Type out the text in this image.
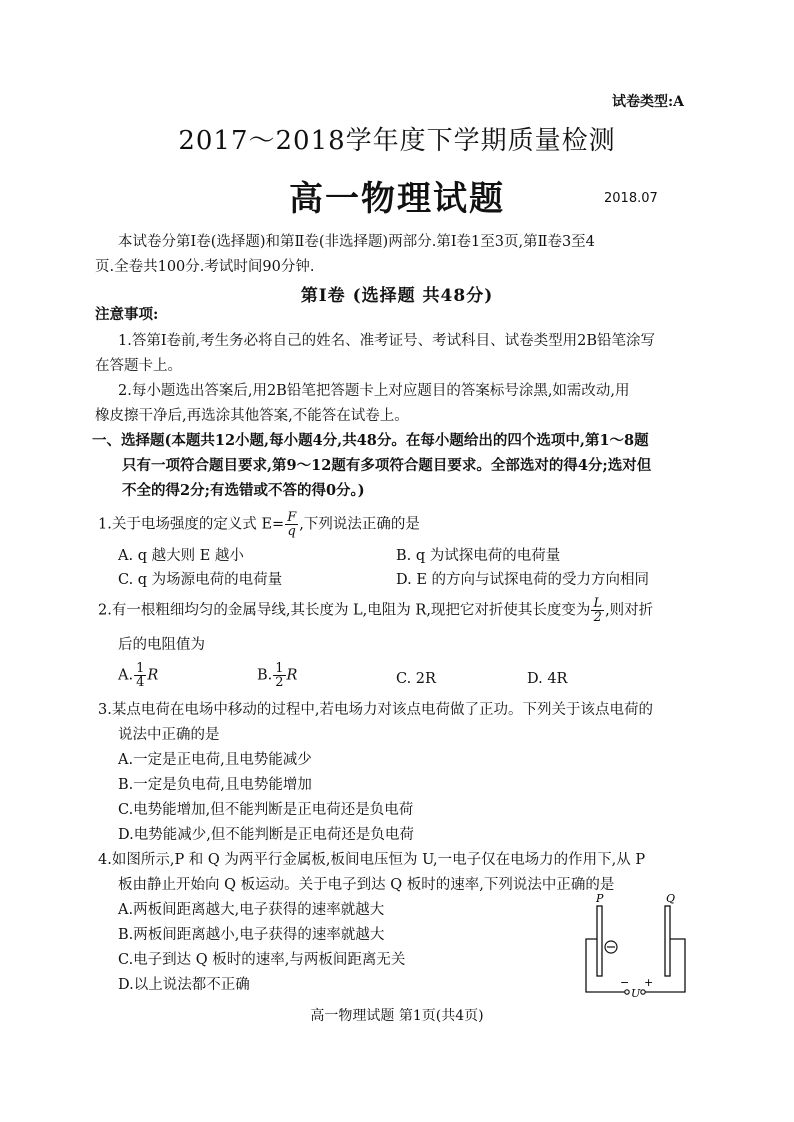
试卷类型:A
2017～2018学年度下学期质量检测
高一物理试题	2018.07
本试卷分第Ⅰ卷(选择题)和第Ⅱ卷(非选择题)两部分.第Ⅰ卷1至3页,第Ⅱ卷3至4
页.全卷共100分.考试时间90分钟.
第Ⅰ卷 (选择题 共48分)
注意事项:
1.答第Ⅰ卷前,考生务必将自己的姓名、准考证号、考试科目、试卷类型用2B铅笔涂写
在答题卡上。
2.每小题选出答案后,用2B铅笔把答题卡上对应题目的答案标号涂黑,如需改动,用
橡皮擦干净后,再选涂其他答案,不能答在试卷上。
一、选择题(本题共12小题,每小题4分,共48分。在每小题给出的四个选项中,第1～8题
只有一项符合题目要求,第9～12题有多项符合题目要求。全部选对的得4分;选对但
不全的得2分;有选错或不答的得0分。)
1.关于电场强度的定义式 $E= \frac{F}{q}$ ,下列说法正确的是
A. q 越大则 E 越小	B. q 为试探电荷的电荷量
C. q 为场源电荷的电荷量	D. E 的方向与试探电荷的受力方向相同
2.有一根粗细均匀的金属导线,其长度为 L,电阻为 R,现把它对折使其长度变为 $\frac{L}{2}$ ,则对折
后的电阻值为
A. $\frac{1}{4}$ R	B. $\frac{1}{2}$ R	C. 2R	D. 4R
3.某点电荷在电场中移动的过程中,若电场力对该点电荷做了正功。下列关于该点电荷的
说法中正确的是
A.一定是正电荷,且电势能减少
B.一定是负电荷,且电势能增加
C.电势能增加,但不能判断是正电荷还是负电荷
D.电势能减少,但不能判断是正电荷还是负电荷
4.如图所示,P 和 Q 为两平行金属板,板间电压恒为 U,一电子仅在电场力的作用下,从 P
板由静止开始向 Q 板运动。关于电子到达 Q 板时的速率,下列说法中正确的是
A.两板间距离越大,电子获得的速率就越大
B.两板间距离越小,电子获得的速率就越大
C.电子到达 Q 板时的速率,与两板间距离无关
D.以上说法都不正确
P	Q
−
U
+
高一物理试题 第1页(共4页)
